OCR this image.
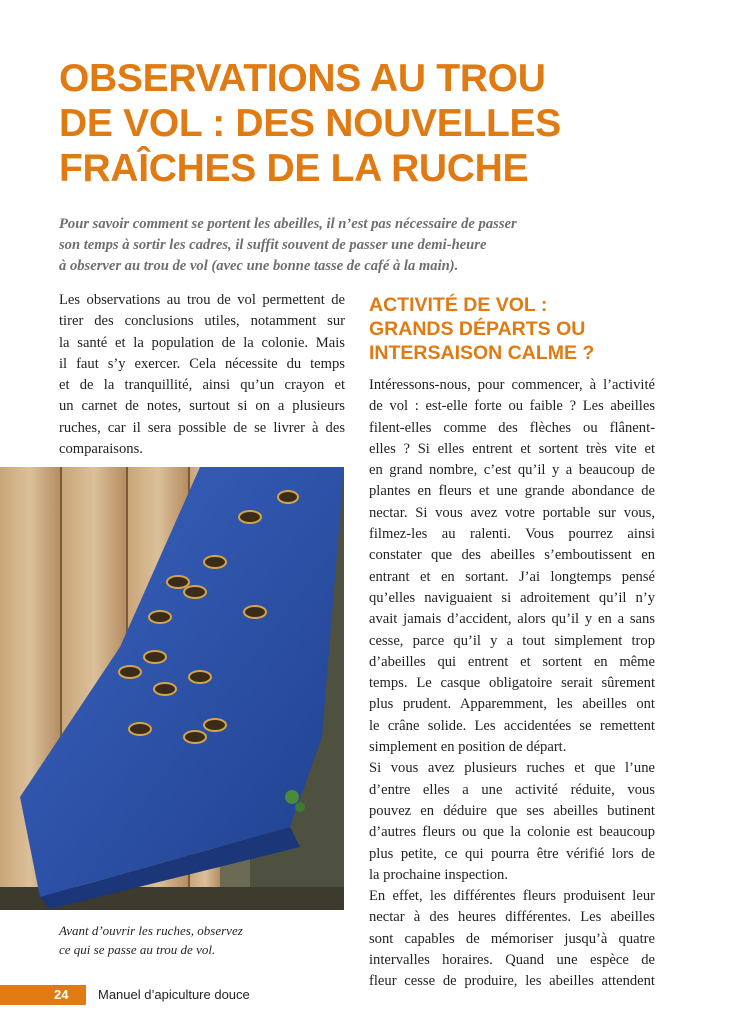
OBSERVATIONS AU TROU
DE VOL : DES NOUVELLES
FRAÎCHES DE LA RUCHE
Pour savoir comment se portent les abeilles, il n’est pas nécessaire de passer
son temps à sortir les cadres, il suffit souvent de passer une demi-heure
à observer au trou de vol (avec une bonne tasse de café à la main).
Les observations au trou de vol permettent de
tirer des conclusions utiles, notamment sur
la santé et la population de la colonie. Mais
il faut s’y exercer. Cela nécessite du temps
et de la tranquillité, ainsi qu’un crayon et
un carnet de notes, surtout si on a plusieurs
ruches, car il sera possible de se livrer à des
comparaisons.
Avant d’ouvrir les ruches, observez
ce qui se passe au trou de vol.
ACTIVITÉ DE VOL :
GRANDS DÉPARTS OU
INTERSAISON CALME ?
Intéressons-nous, pour commencer, à l’activité
de vol : est-elle forte ou faible ? Les abeilles
filent-elles comme des flèches ou flânent-
elles ? Si elles entrent et sortent très vite et
en grand nombre, c’est qu’il y a beaucoup de
plantes en fleurs et une grande abondance de
nectar. Si vous avez votre portable sur vous,
filmez-les au ralenti. Vous pourrez ainsi
constater que des abeilles s’emboutissent en
entrant et en sortant. J’ai longtemps pensé
qu’elles naviguaient si adroitement qu’il n’y
avait jamais d’accident, alors qu’il y en a sans
cesse, parce qu’il y a tout simplement trop
d’abeilles qui entrent et sortent en même
temps. Le casque obligatoire serait sûrement
plus prudent. Apparemment, les abeilles ont
le crâne solide. Les accidentées se remettent
simplement en position de départ.
Si vous avez plusieurs ruches et que l’une
d’entre elles a une activité réduite, vous
pouvez en déduire que ses abeilles butinent
d’autres fleurs ou que la colonie est beaucoup
plus petite, ce qui pourra être vérifié lors de
la prochaine inspection.
En effet, les différentes fleurs produisent leur
nectar à des heures différentes. Les abeilles
sont capables de mémoriser jusqu’à quatre
intervalles horaires. Quand une espèce de
fleur cesse de produire, les abeilles attendent
24	Manuel d’apiculture douce
